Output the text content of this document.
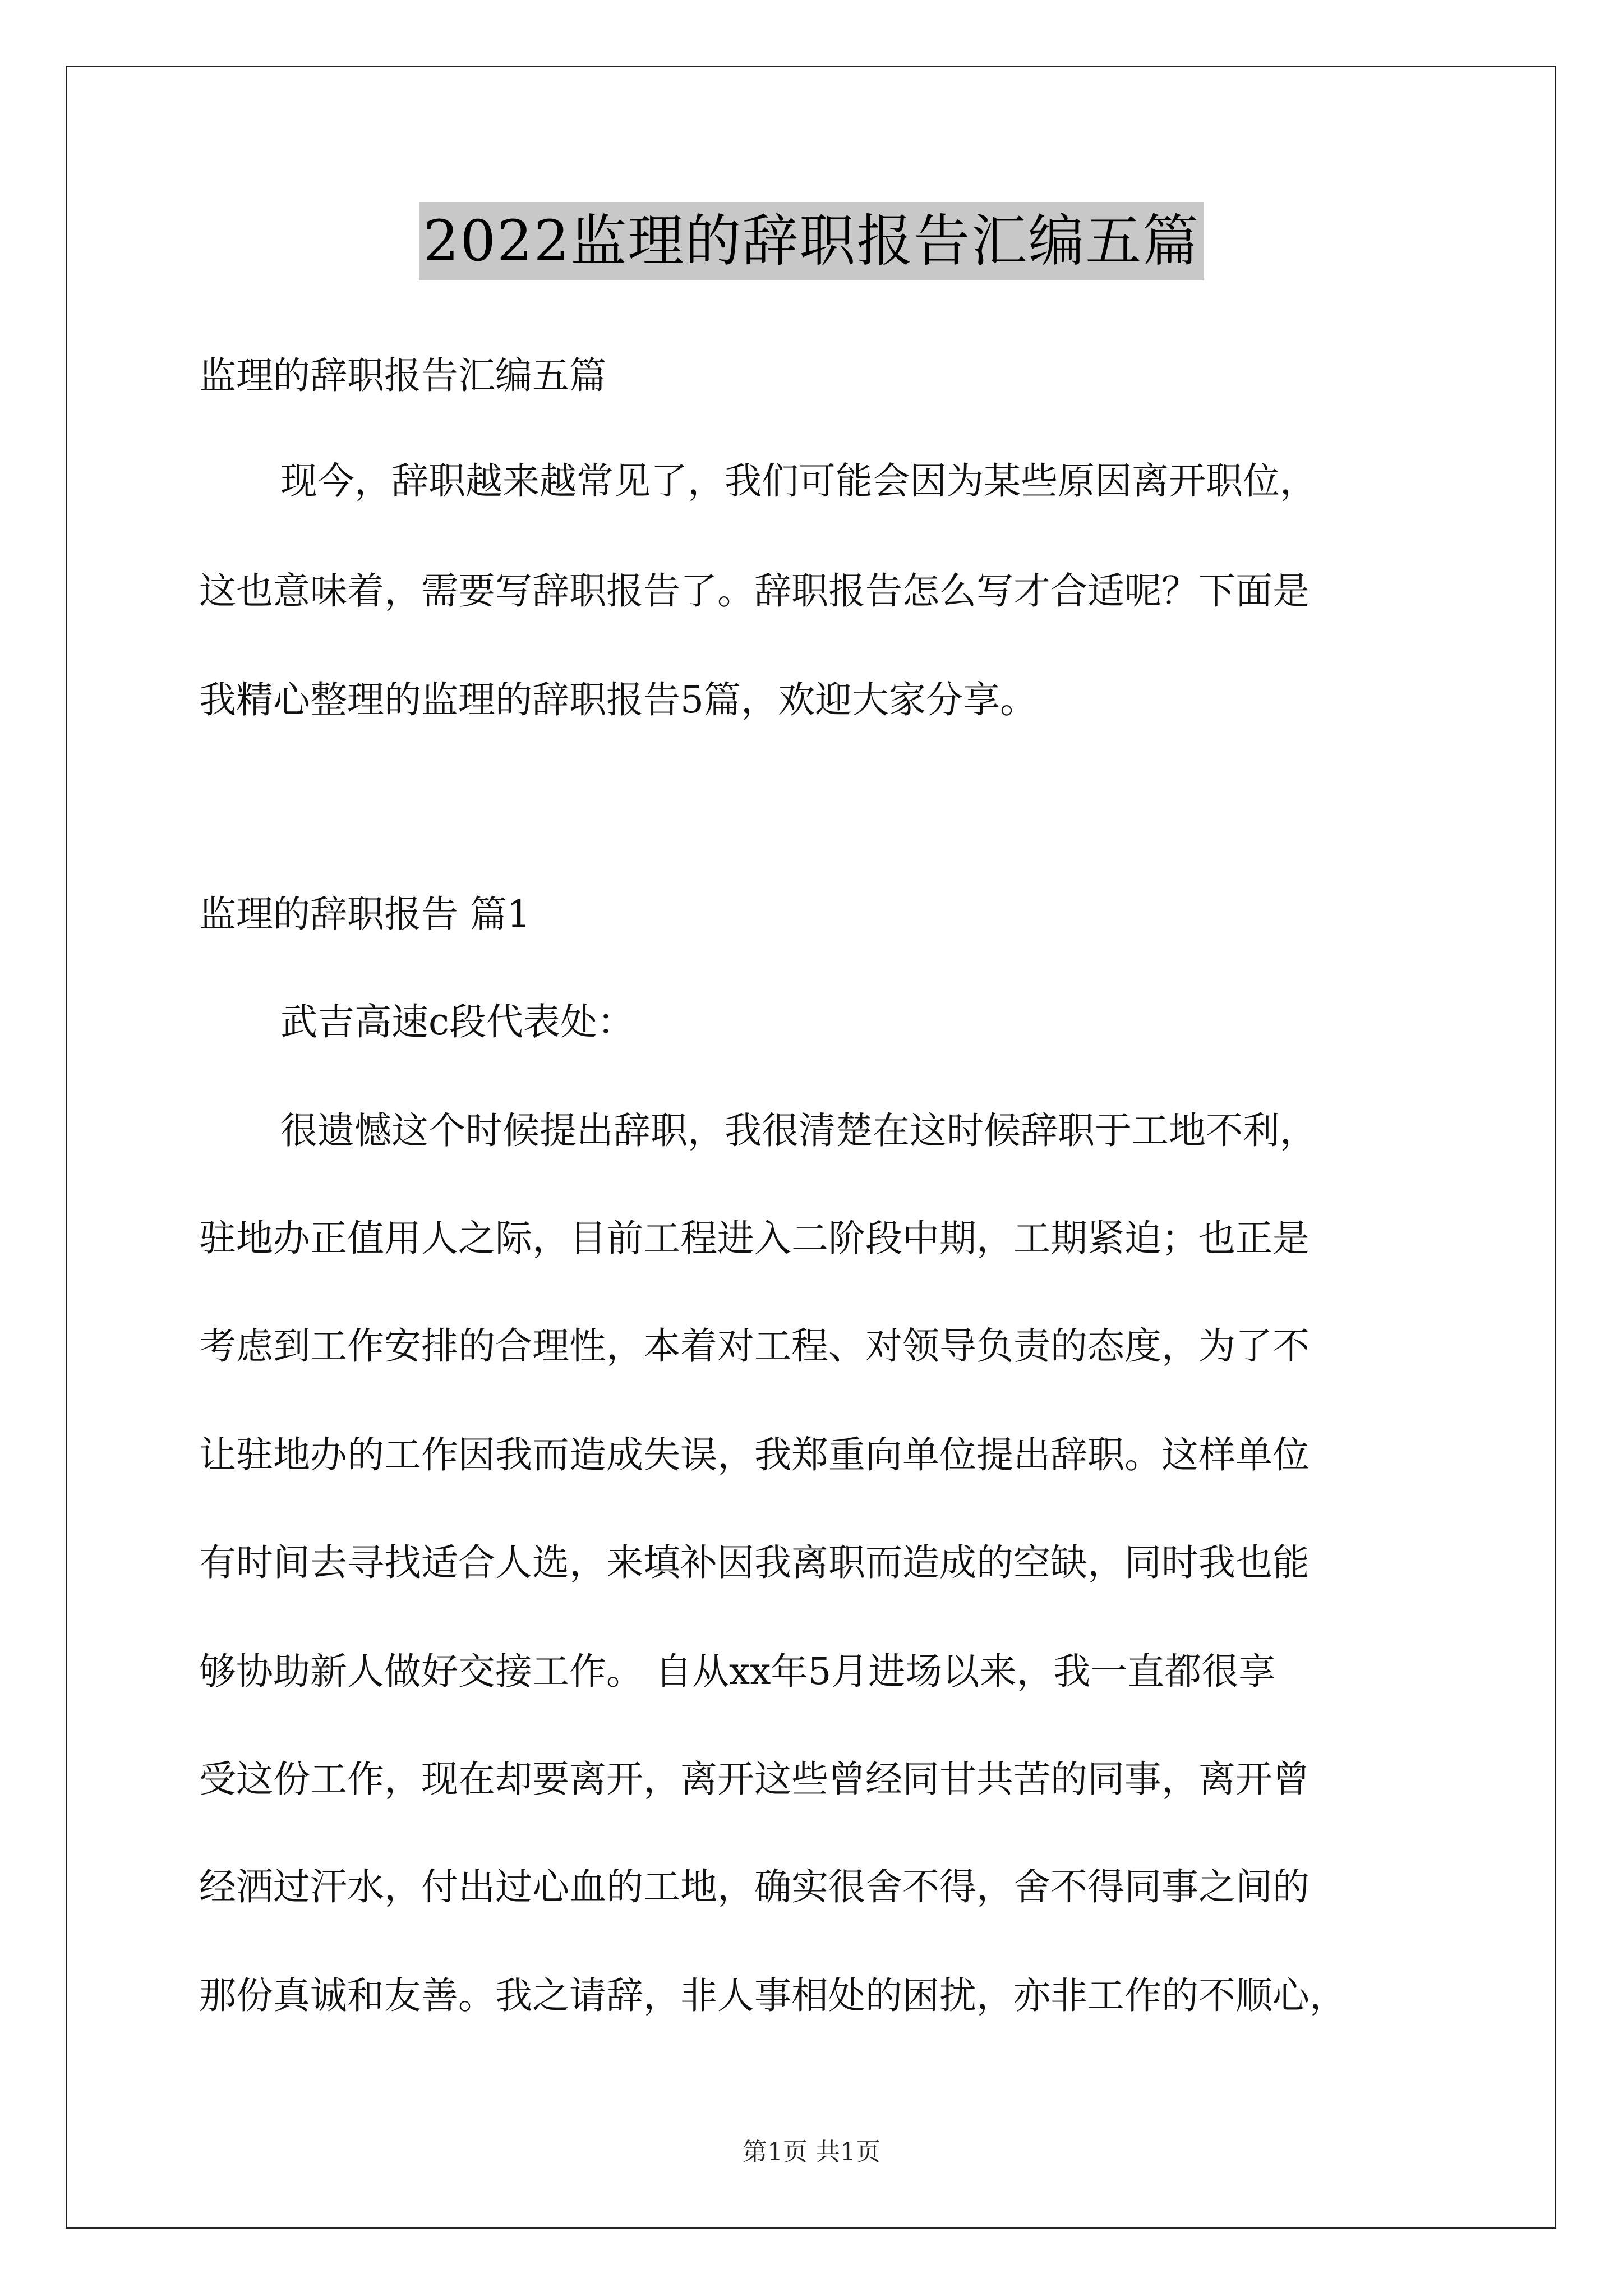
2022监理的辞职报告汇编五篇
监理的辞职报告汇编五篇
现今，辞职越来越常见了，我们可能会因为某些原因离开职位，
这也意味着，需要写辞职报告了。辞职报告怎么写才合适呢？下面是
我精心整理的监理的辞职报告5篇，欢迎大家分享。
监理的辞职报告 篇1
武吉高速c段代表处：
很遗憾这个时候提出辞职，我很清楚在这时候辞职于工地不利，
驻地办正值用人之际，目前工程进入二阶段中期，工期紧迫；也正是
考虑到工作安排的合理性，本着对工程、对领导负责的态度，为了不
让驻地办的工作因我而造成失误，我郑重向单位提出辞职。这样单位
有时间去寻找适合人选，来填补因我离职而造成的空缺，同时我也能
够协助新人做好交接工作。 自从xx年5月进场以来，我一直都很享
受这份工作，现在却要离开，离开这些曾经同甘共苦的同事，离开曾
经洒过汗水，付出过心血的工地，确实很舍不得，舍不得同事之间的
那份真诚和友善。我之请辞，非人事相处的困扰，亦非工作的不顺心，
第1页 共1页
